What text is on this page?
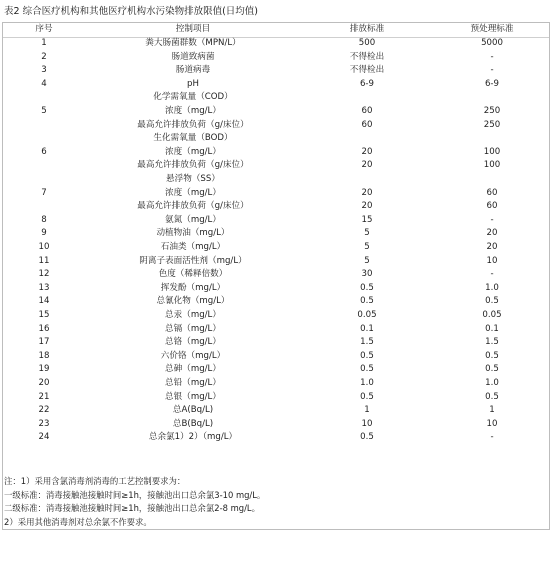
表2 综合医疗机构和其他医疗机构水污染物排放限值(日均值)
序号	控制项目	排放标准	预处理标准
1	粪大肠菌群数（MPN/L）	500	5000
2	肠道致病菌	不得检出	-
3	肠道病毒	不得检出	-
4	pH	6-9	6-9
化学需氧量（COD）
5	浓度（mg/L）	60	250
最高允许排放负荷（g/床位）	60	250
生化需氧量（BOD）
6	浓度（mg/L）	20	100
最高允许排放负荷（g/床位）	20	100
悬浮物（SS）
7	浓度（mg/L）	20	60
最高允许排放负荷（g/床位）	20	60
8	氨氮（mg/L）	15	-
9	动植物油（mg/L）	5	20
10	石油类（mg/L）	5	20
11	阴离子表面活性剂（mg/L）	5	10
12	色度（稀释倍数）	30	-
13	挥发酚（mg/L）	0.5	1.0
14	总氰化物（mg/L）	0.5	0.5
15	总汞（mg/L）	0.05	0.05
16	总镉（mg/L）	0.1	0.1
17	总铬（mg/L）	1.5	1.5
18	六价铬（mg/L）	0.5	0.5
19	总砷（mg/L）	0.5	0.5
20	总铅（mg/L）	1.0	1.0
21	总银（mg/L）	0.5	0.5
22	总A(Bq/L)	1	1
23	总B(Bq/L)	10	10
24	总余氯1）2）（mg/L）	0.5	-
注：1）采用含氯消毒剂消毒的工艺控制要求为：
一级标准：消毒接触池接触时间≥1h，接触池出口总余氯3-10 mg/L。
二级标准：消毒接触池接触时间≥1h，接触池出口总余氯2-8 mg/L。
2）采用其他消毒剂对总余氯不作要求。
